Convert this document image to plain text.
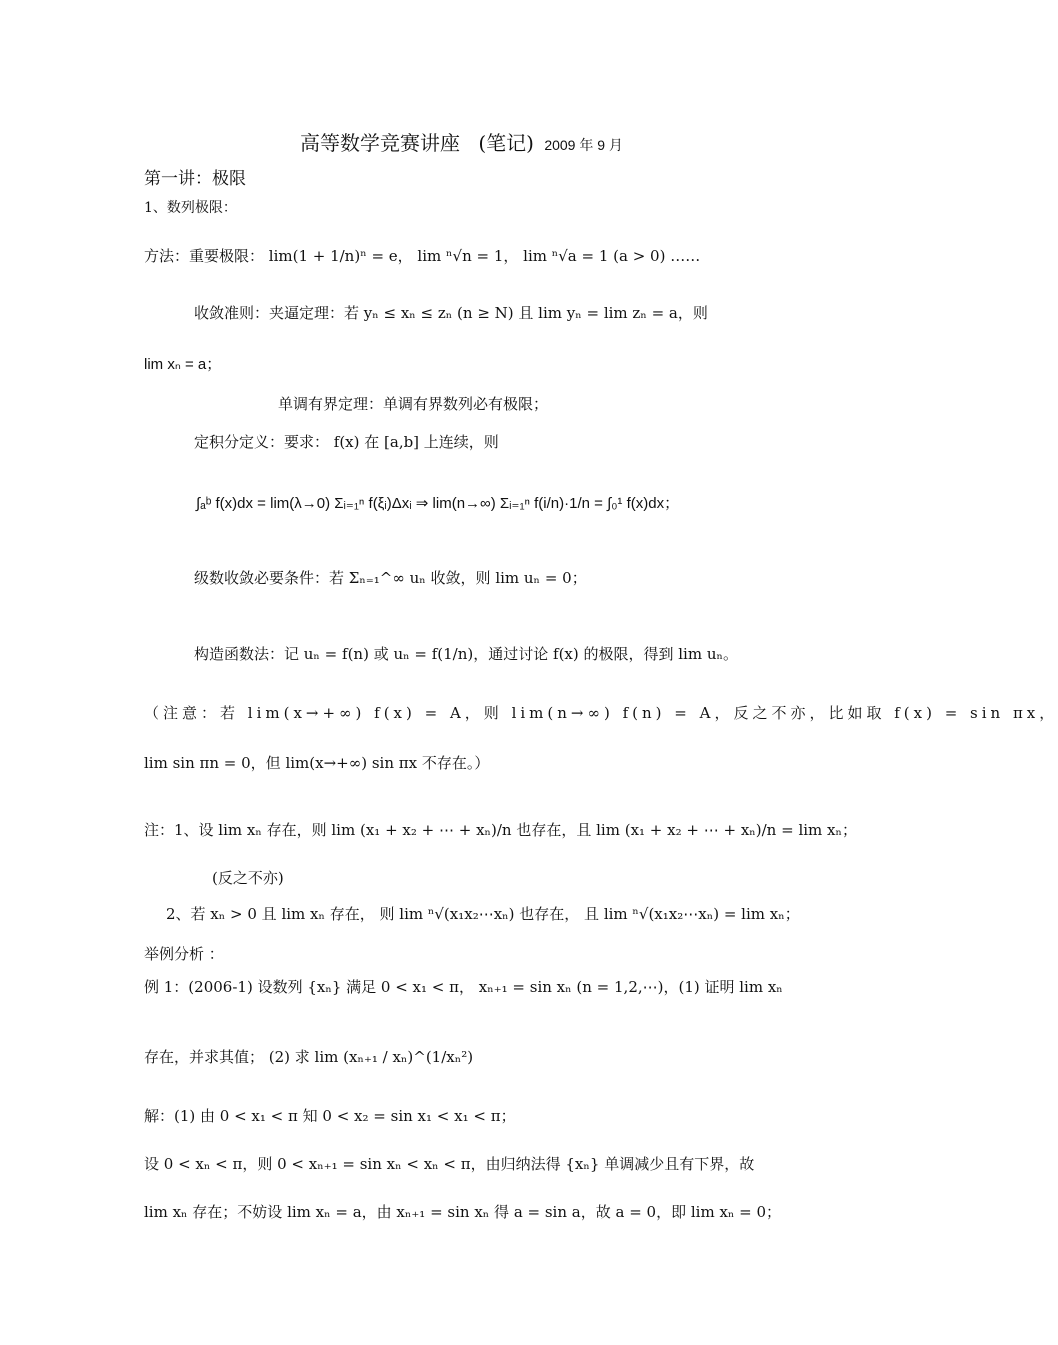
高等数学竞赛讲座 (笔记) 2009 年 9 月
第一讲：极限
1、数列极限：
方法：重要极限： lim(1 + 1/n)ⁿ = e， lim ⁿ√n = 1， lim ⁿ√a = 1 (a > 0) ……
收敛准则：夹逼定理：若 yₙ ≤ xₙ ≤ zₙ (n ≥ N) 且 lim yₙ = lim zₙ = a，则
lim xₙ = a；
单调有界定理：单调有界数列必有极限；
定积分定义：要求： f(x) 在 [a,b] 上连续，则
∫ₐᵇ f(x)dx = lim(λ→0) Σᵢ₌₁ⁿ f(ξᵢ)Δxᵢ ⇒ lim(n→∞) Σᵢ₌₁ⁿ f(i/n)·1/n = ∫₀¹ f(x)dx；
级数收敛必要条件：若 Σₙ₌₁^∞ uₙ 收敛，则 lim uₙ = 0；
构造函数法：记 uₙ = f(n) 或 uₙ = f(1/n)，通过讨论 f(x) 的极限，得到 lim uₙ。
（注意：若 lim(x→+∞) f(x) = A，则 lim(n→∞) f(n) = A，反之不亦，比如取 f(x) = sin πx，
lim sin πn = 0，但 lim(x→+∞) sin πx 不存在。）
注：1、设 lim xₙ 存在，则 lim (x₁ + x₂ + ⋯ + xₙ)/n 也存在，且 lim (x₁ + x₂ + ⋯ + xₙ)/n = lim xₙ；
(反之不亦)
2、若 xₙ > 0 且 lim xₙ 存在， 则 lim ⁿ√(x₁x₂⋯xₙ) 也存在， 且 lim ⁿ√(x₁x₂⋯xₙ) = lim xₙ；
举例分析 ：
例 1：(2006-1) 设数列 {xₙ} 满足 0 < x₁ < π， xₙ₊₁ = sin xₙ (n = 1,2,⋯)，(1) 证明 lim xₙ
存在，并求其值； (2) 求 lim (xₙ₊₁ / xₙ)^(1/xₙ²)
解：(1) 由 0 < x₁ < π 知 0 < x₂ = sin x₁ < x₁ < π；
设 0 < xₙ < π，则 0 < xₙ₊₁ = sin xₙ < xₙ < π，由归纳法得 {xₙ} 单调减少且有下界，故
lim xₙ 存在；不妨设 lim xₙ = a，由 xₙ₊₁ = sin xₙ 得 a = sin a，故 a = 0，即 lim xₙ = 0；
